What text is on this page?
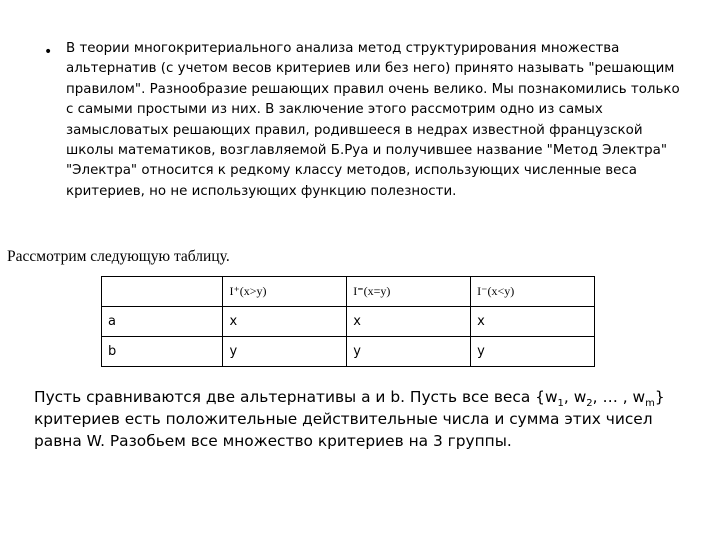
• В теории многокритериального анализа метод структурирования множества альтернатив (с учетом весов критериев или без него) принято называть "решающим правилом". Разнообразие решающих правил очень велико. Мы познакомились только с самыми простыми из них. В заключение этого рассмотрим одно из самых замысловатых решающих правил, родившееся в недрах известной французской школы математиков, возглавляемой Б.Руа и получившее название "Метод Электра" "Электра" относится к редкому классу методов, использующих численные веса критериев, но не использующих функцию полезности.
Рассмотрим следующую таблицу.
	I⁺(x>y)	I⁼(x=y)	I⁻(x<y)
a	x	x	x
b	y	y	y
Пусть сравниваются две альтернативы a и b. Пусть все веса {$w_1$, $w_2$, … , $w_m$} критериев есть положительные действительные числа и сумма этих чисел равна W. Разобьем все множество критериев на 3 группы.
